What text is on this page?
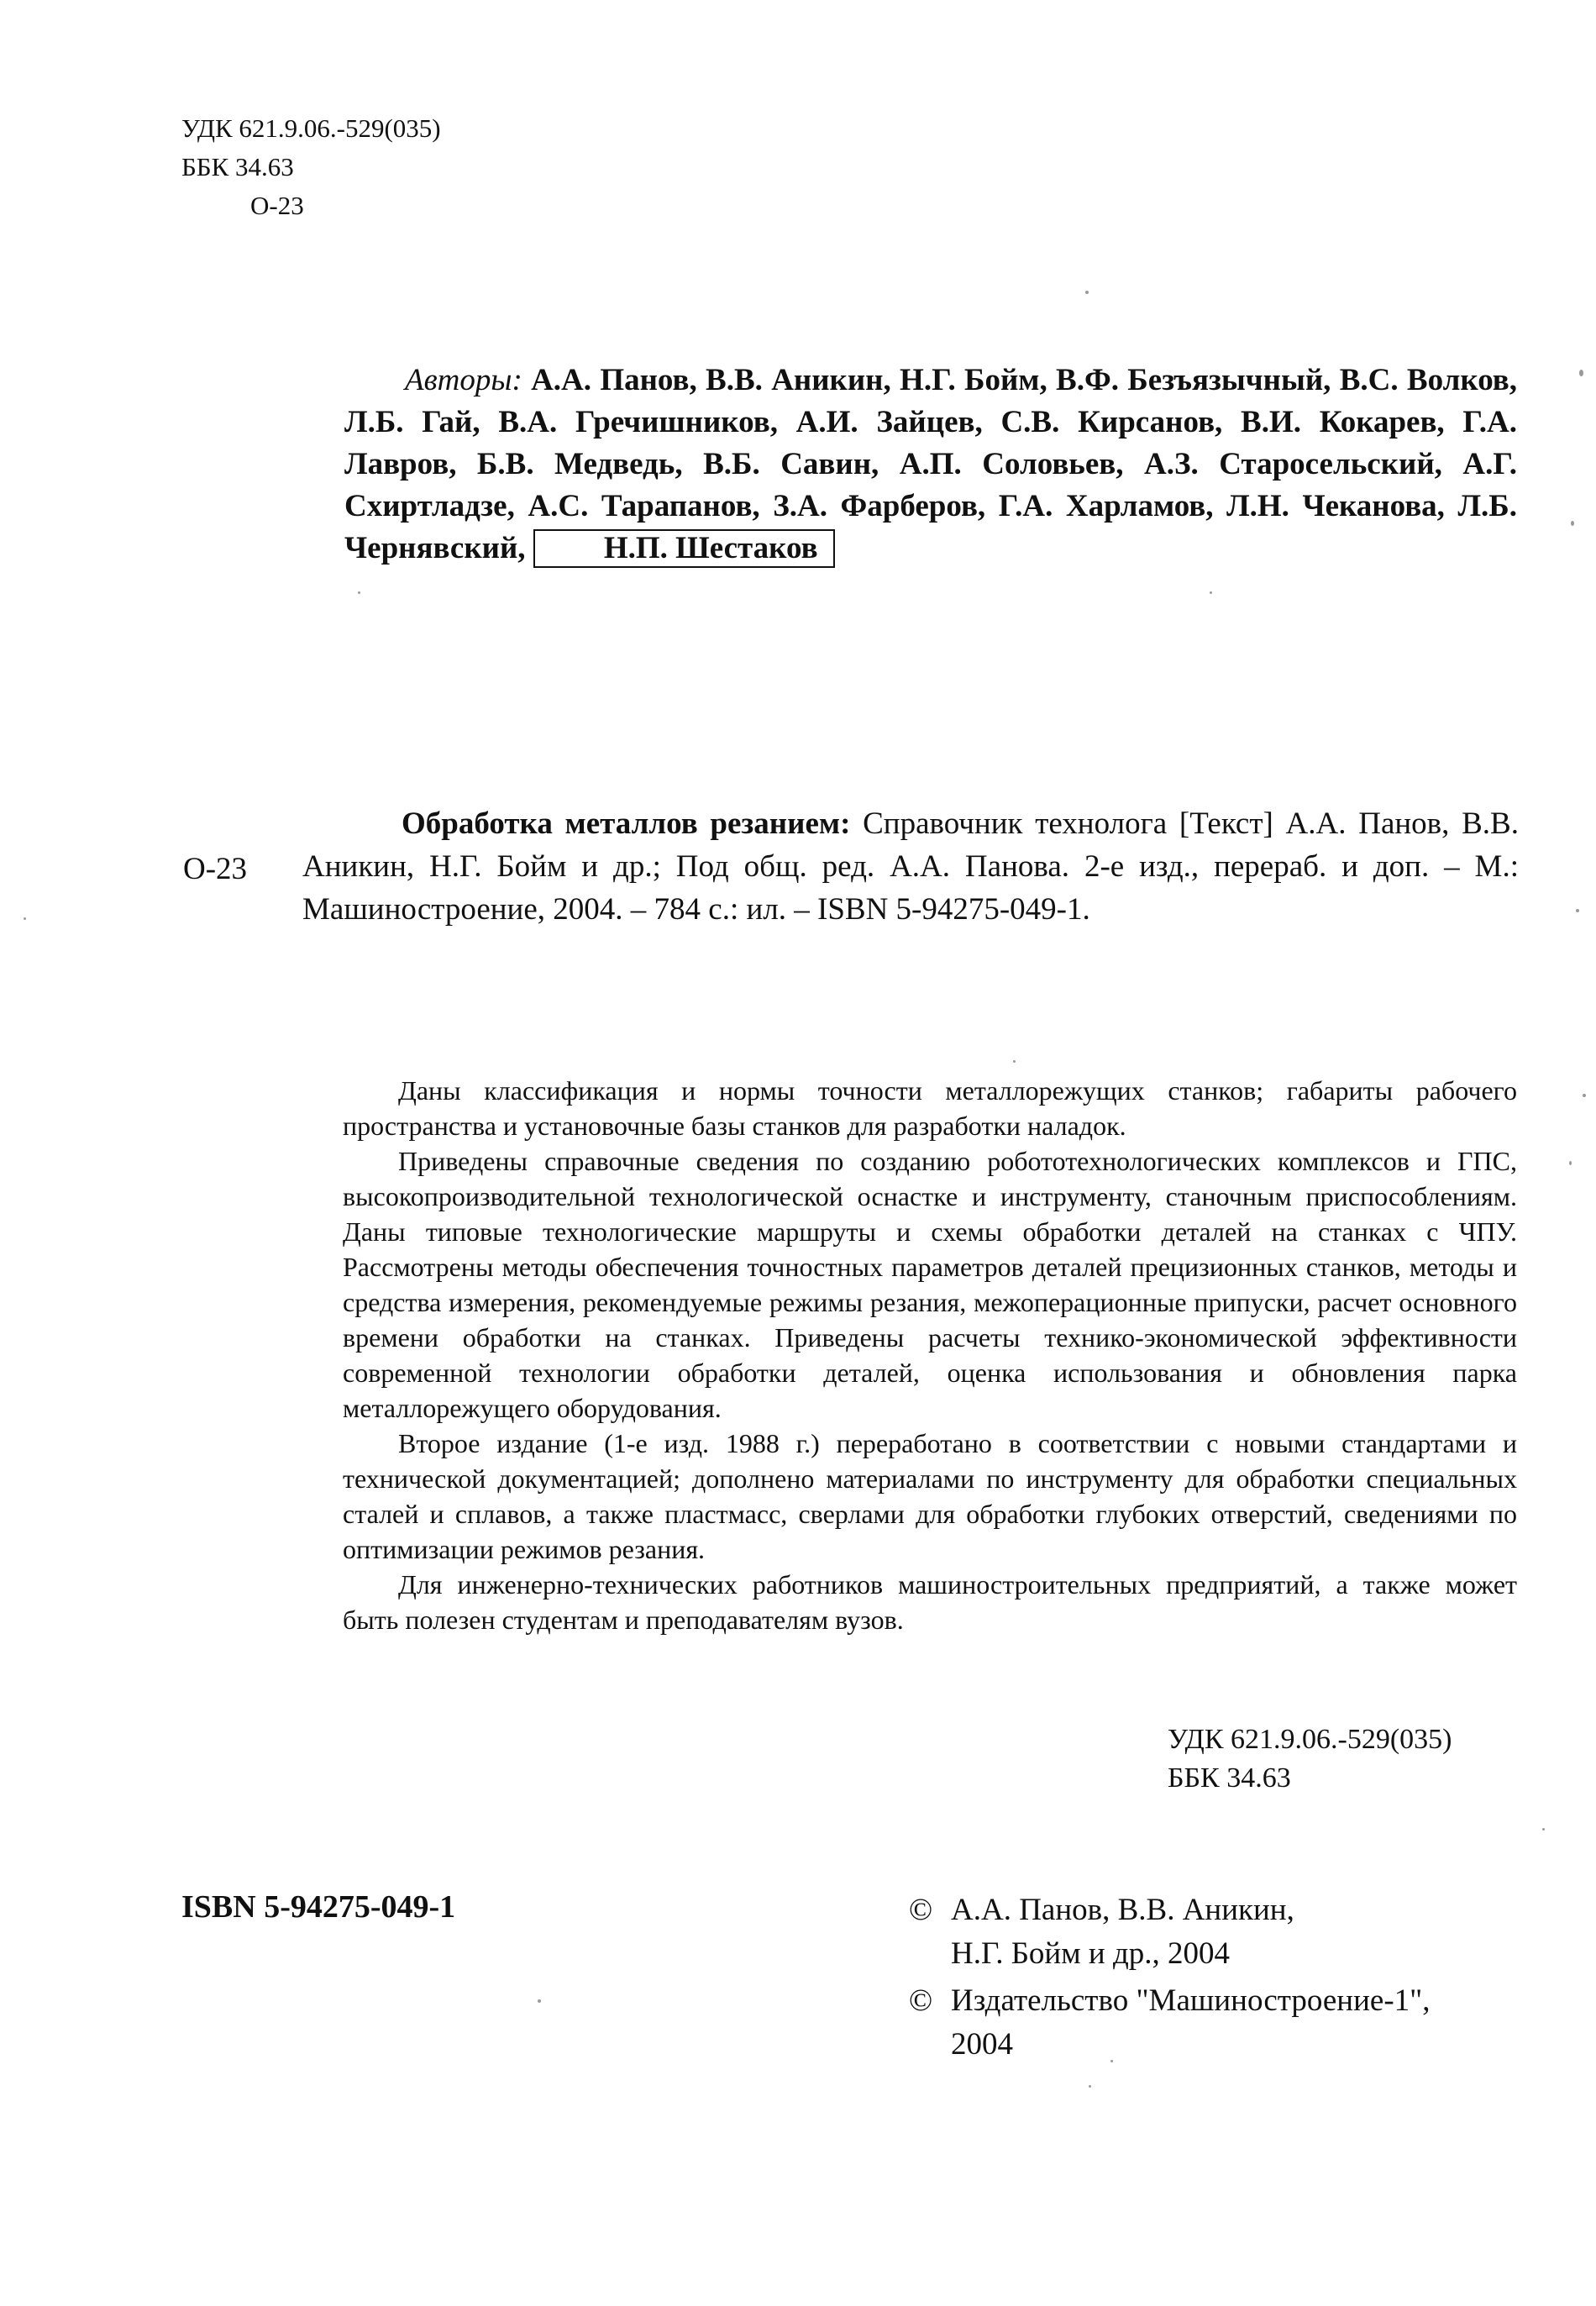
УДК 621.9.06.-529(035)
ББК 34.63
О-23
Авторы: А.А. Панов, В.В. Аникин, Н.Г. Бойм, В.Ф. Безъязычный, В.С. Волков, Л.Б. Гай, В.А. Гречишников, А.И. Зайцев, С.В. Кирсанов, В.И. Кокарев, Г.А. Лавров, Б.В. Медведь, В.Б. Савин, А.П. Соловьев, А.З. Старосельский, А.Г. Схиртладзе, А.С. Тарапанов, З.А. Фарберов, Г.А. Харламов, Л.Н. Чеканова, Л.Б. Чернявский,	Н.П. Шестаков
О-23
Обработка металлов резанием: Справочник технолога [Текст] А.А. Панов, В.В. Аникин, Н.Г. Бойм и др.; Под общ. ред. А.А. Панова. 2-е изд., перераб. и доп. – М.: Машиностроение, 2004. – 784 с.: ил. – ISBN 5-94275-049-1.

Даны классификация и нормы точности металлорежущих станков; габариты рабочего пространства и установочные базы станков для разработки наладок.

Приведены справочные сведения по созданию робототехнологических комплексов и ГПС, высокопроизводительной технологической оснастке и инструменту, станочным приспособлениям. Даны типовые технологические маршруты и схемы обработки деталей на станках с ЧПУ. Рассмотрены методы обеспечения точностных параметров деталей прецизионных станков, методы и средства измерения, рекомендуемые режимы резания, межоперационные припуски, расчет основного времени обработки на станках. Приведены расчеты технико-экономической эффективности современной технологии обработки деталей, оценка использования и обновления парка металлорежущего оборудования.

Второе издание (1-е изд. 1988 г.) переработано в соответствии с новыми стандартами и технической документацией; дополнено материалами по инструменту для обработки специальных сталей и сплавов, а также пластмасс, сверлами для обработки глубоких отверстий, сведениями по оптимизации режимов резания.

Для инженерно-технических работников машиностроительных предприятий, а также может быть полезен студентам и преподавателям вузов.

УДК 621.9.06.-529(035)
ББК 34.63
ISBN 5-94275-049-1	© А.А. Панов, В.В. Аникин,
Н.Г. Бойм и др., 2004
© Издательство "Машиностроение-1",
2004
